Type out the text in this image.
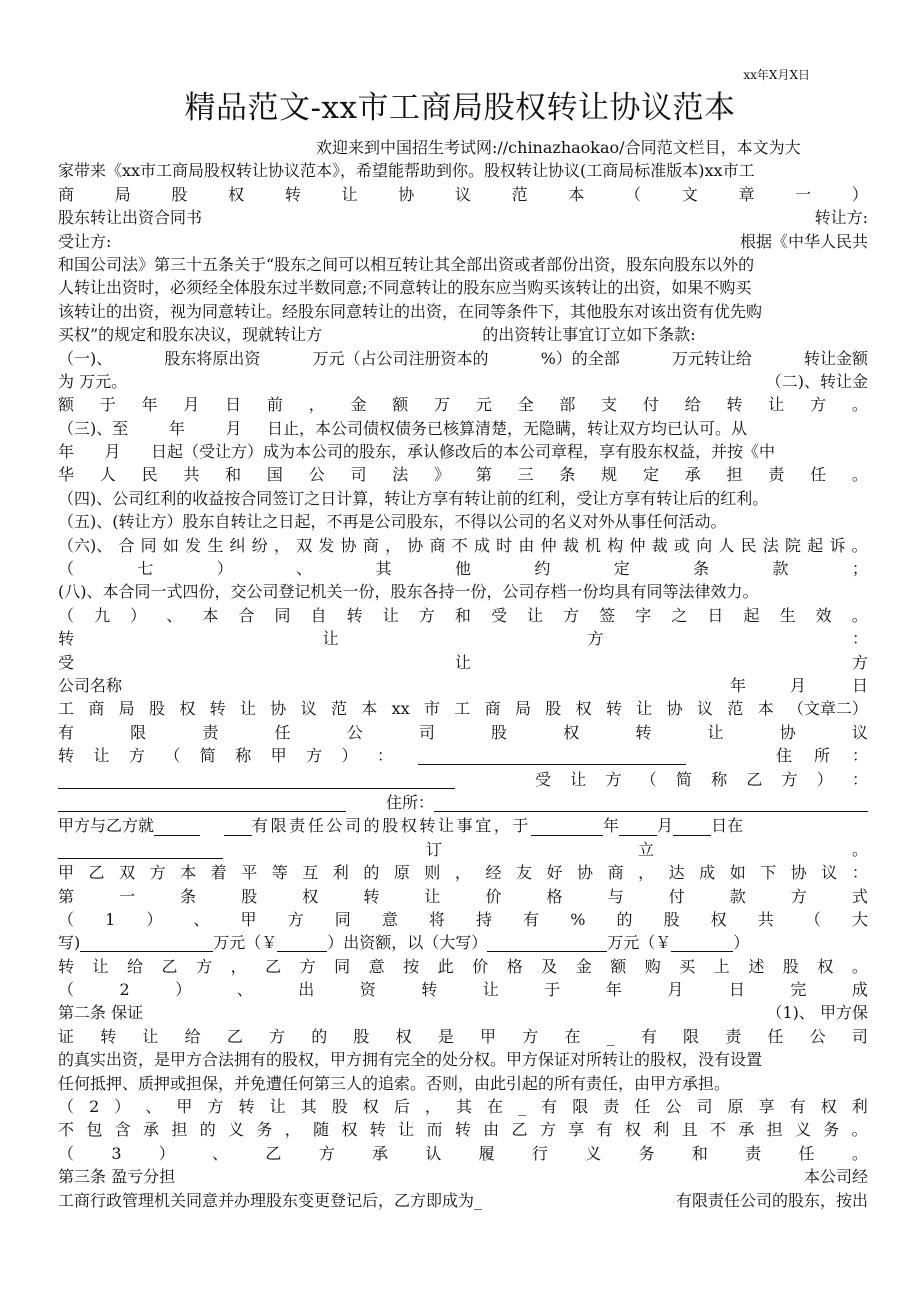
xx年X月X日
精品范文-xx市工商局股权转让协议范本
欢迎来到中国招生考试网://chinazhaokao/合同范文栏目，本文为大
家带来《xx市工商局股权转让协议范本》，希望能帮助到你。股权转让协议(工商局标准版本)xx市工
商	局	股	权	转	让	协	议	范	本	（	文	章	一	）
股东转让出资合同书	转让方:
受让方:	根据《中华人民共
和国公司法》第三十五条关于“股东之间可以相互转让其全部出资或者部份出资，股东向股东以外的
人转让出资时，必须经全体股东过半数同意;不同意转让的股东应当购买该转让的出资，如果不购买
该转让的出资，视为同意转让。经股东同意转让的出资，在同等条件下，其他股东对该出资有优先购
买权”的规定和股东决议，现就转让方	的出资转让事宜订立如下条款:
（一)、	股东将原出资	万元（占公司注册资本的	%）的全部	万元转让给	转让金额
为 万元。	（二)、转让金
额 于 年 月 日 前 ， 金 额 万 元 全 部 支 付 给 转 让 方 。
（三)、至        年        月     日止，本公司债权债务已核算清楚，无隐瞒，转让双方均已认可。从
年      月      日起（受让方）成为本公司的股东，承认修改后的本公司章程，享有股东权益，并按《中
华 人 民 共 和 国 公 司 法 》 第 三 条 规 定 承 担 责 任 。
（四)、公司红利的收益按合同签订之日计算，转让方享有转让前的红利，受让方享有转让后的红利。
（五)、(转让方）股东自转让之日起，不再是公司股东，不得以公司的名义对外从事任何活动。
（六)、 合 同 如 发 生 纠 纷 ， 双 发 协 商 ， 协 商 不 成 时 由 仲 裁 机 构 仲 裁 或 向 人 民 法 院 起 诉 。
（	七	）	、	其	他	约	定	条	款	；
(八)、本合同一式四份，交公司登记机关一份，股东各持一份，公司存档一份均具有同等法律效力。
（ 九 ） 、 本 合 同 自 转 让 方 和 受 让 方 签 字 之 日 起 生 效 。
转	让	方	：
受	让	方
公司名称	年	月	日
工 商 局 股 权 转 让 协 议 范 本 xx 市 工 商 局 股 权 转 让 协 议 范 本 （文章二）
有	限	责	任	公	司	股	权	转	让	协	议
转 让 方 （ 简 称 甲 方 ） ：	住 所 ：
受 让 方 （ 简 称 乙 方 ） ：
住所：
甲方与乙方就	有限责任公司的股权转让事宜，于	年 月 日在
订	立	。
甲 乙 双 方 本 着 平 等 互 利 的 原 则 ， 经 友 好 协 商 ， 达 成 如 下 协 议 ：
第	一	条	股	权	转	让	价	格	与	付	款	方	式
（ 1 ） 、 甲 方 同 意 将 持 有 % 的 股 权 共 （ 大
写)	万元（￥	）出资额，以（大写）	万元（￥	）
转 让 给 乙 方 ， 乙 方 同 意 按 此 价 格 及 金 额 购 买 上 述 股 权 。
（	2	）	、	出	资	转	让	于	年	月	日	完	成
第二条 保证	（1)、 甲方保
证 转 让 给 乙 方 的 股 权 是 甲 方 在 _ 有 限 责 任 公 司
的真实出资，是甲方合法拥有的股权，甲方拥有完全的处分权。甲方保证对所转让的股权，没有设置
任何抵押、质押或担保，并免遭任何第三人的追索。否则，由此引起的所有责任，由甲方承担。
（ 2 ） 、 甲 方 转 让 其 股 权 后 ， 其 在 _ 有 限 责 任 公 司 原 享 有 权 利
不 包 含 承 担 的 义 务 ， 随 权 转 让 而 转 由 乙 方 享 有 权 利 且 不 承 担 义 务 。
（ 3 ） 、 乙 方 承 认 履 行 义 务 和 责 任 。
第三条 盈亏分担	本公司经
工商行政管理机关同意并办理股东变更登记后，乙方即成为_	有限责任公司的股东，按出
